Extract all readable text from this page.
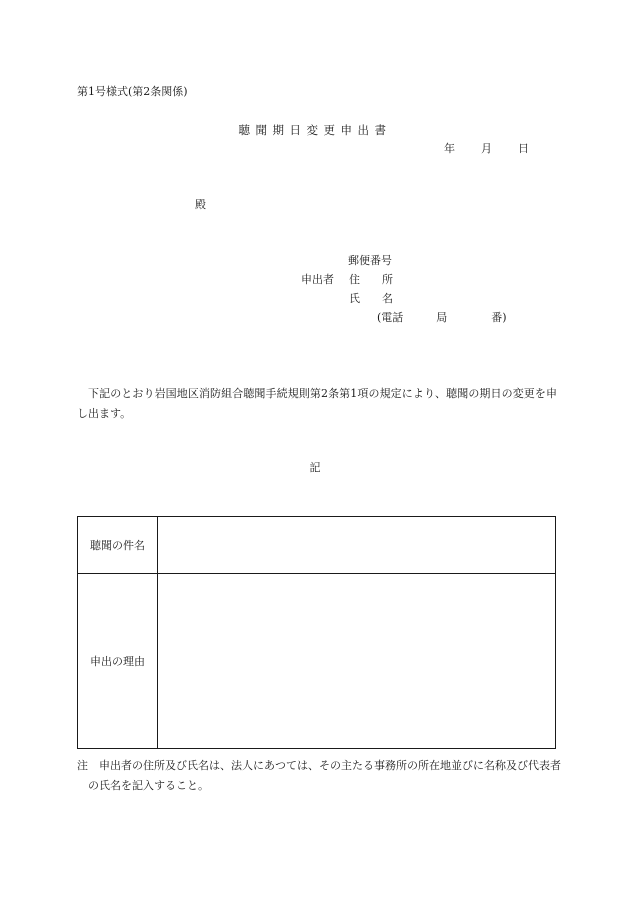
第1号様式(第2条関係)
聴聞期日変更申出書
年 月 日
殿
郵便番号
申出者 住　　所
氏　　名
(電話　　　局　　　　番)
下記のとおり岩国地区消防組合聴聞手続規則第2条第1項の規定により、聴聞の期日の変更を申し出ます。
記
聴聞の件名	
申出の理由	
注 申出者の住所及び氏名は、法人にあつては、その主たる事務所の所在地並びに名称及び代表者の氏名を記入すること。
